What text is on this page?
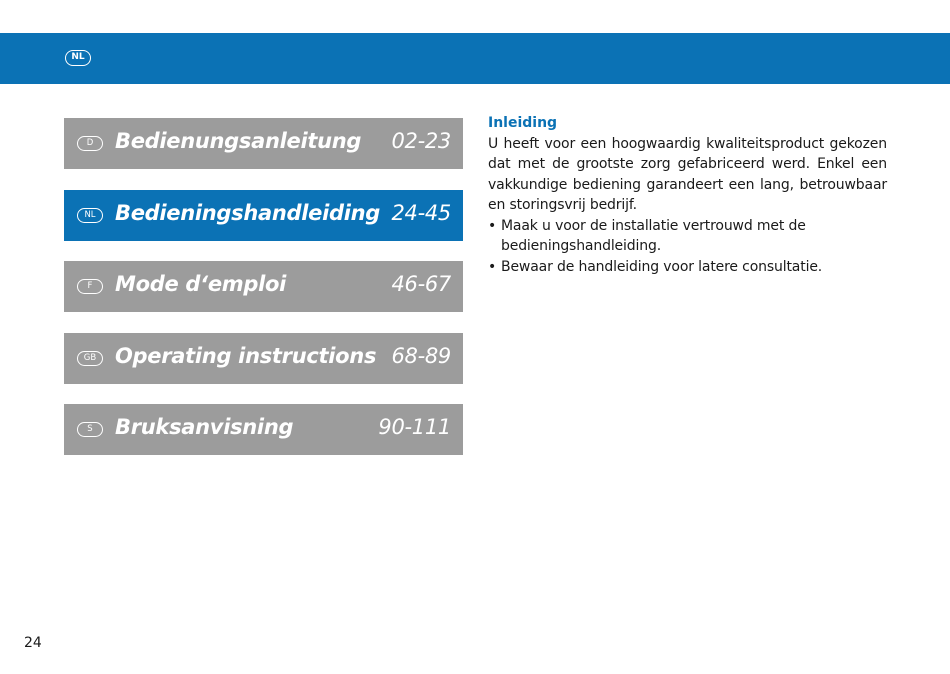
NL
D	Bedienungsanleitung 02-23
NL Bedieningshandleiding 24-45
F	Mode d‘emploi	46-67
GB Operating instructions 68-89
S	Bruksanvisning	90-111
Inleiding

U heeft voor een hoogwaardig kwaliteitsproduct gekozen dat met de grootste zorg gefabriceerd werd. Enkel een vakkundige bediening garandeert een lang, betrouwbaar en storingsvrij bedrijf.

• Maak u voor de installatie vertrouwd met de bedieningshandleiding.
• Bewaar de handleiding voor latere consultatie.
24
